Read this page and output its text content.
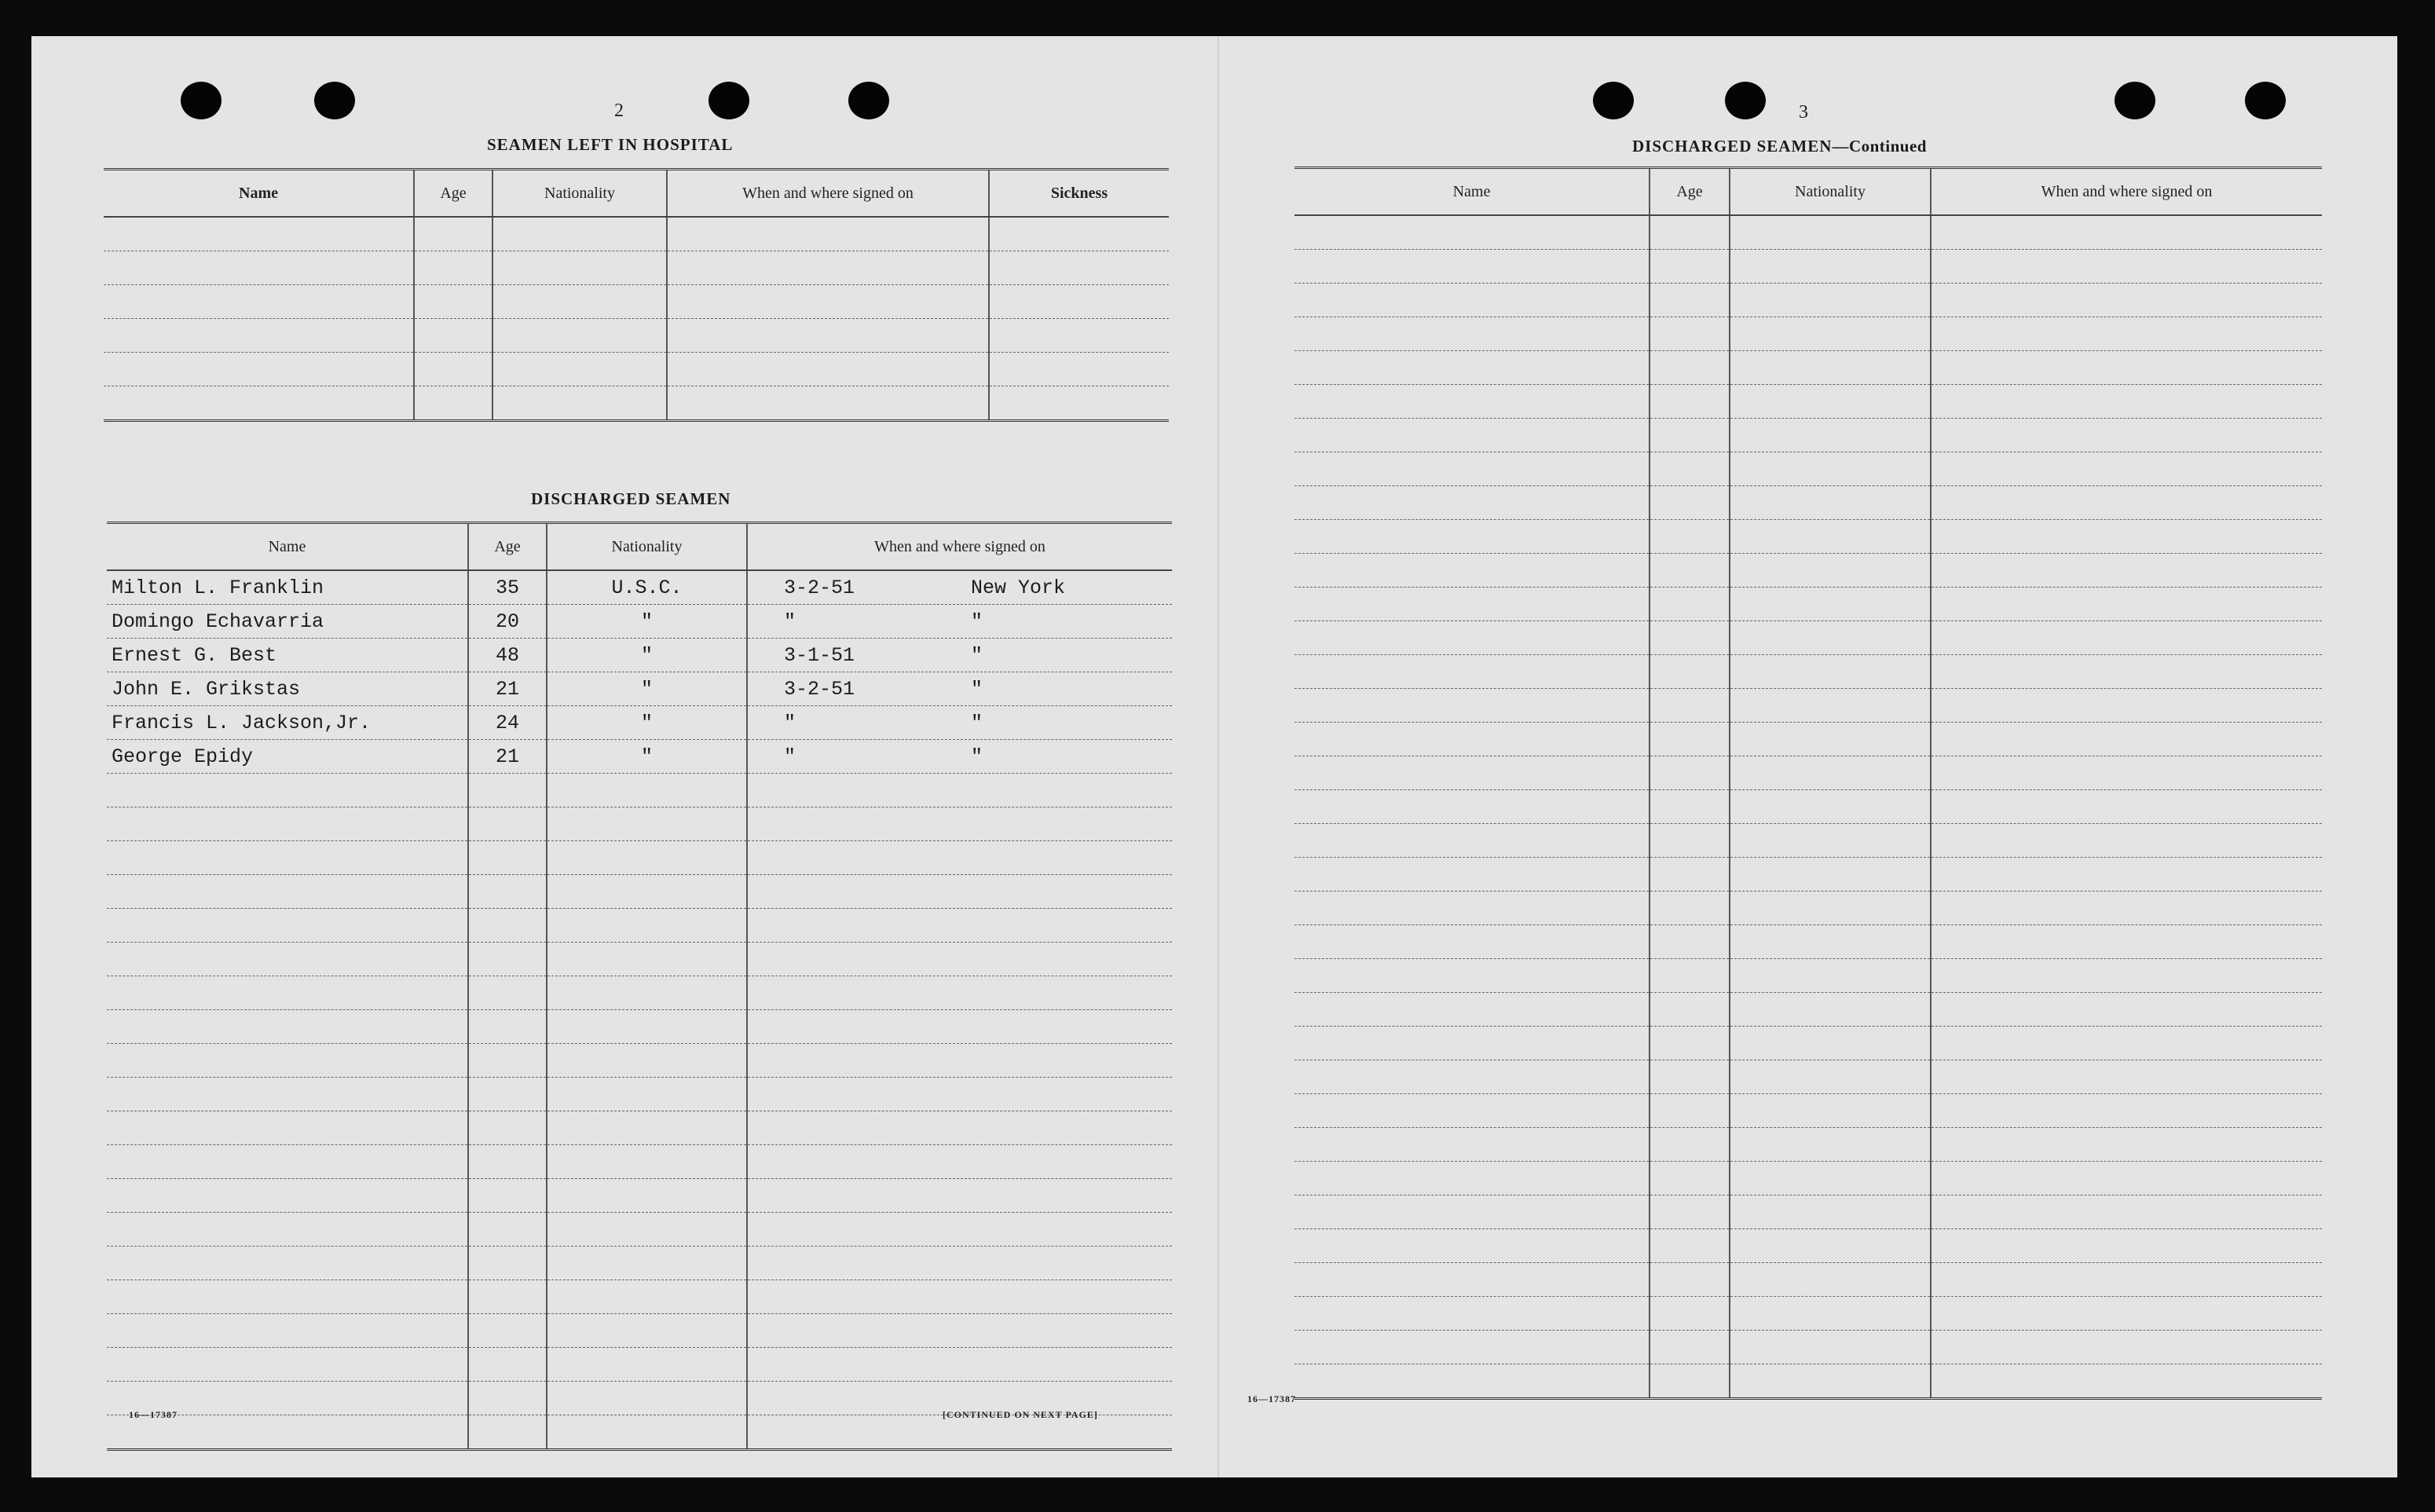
2
SEAMEN LEFT IN HOSPITAL
Name	Age	Nationality	When and where signed on	Sickness

DISCHARGED SEAMEN
Name	Age	Nationality	When and where signed on
Milton L. Franklin	35	U.S.C.	3-2-51 New York

Domingo Echavarria	20	"	" "

Ernest G. Best	48	"	3-1-51 "

John E. Grikstas	21	"	3-2-51 "

Francis L. Jackson,Jr.	24	"	" "

George Epidy	21	"	" "

16—17387	[CONTINUED ON NEXT PAGE]
3
DISCHARGED SEAMEN—Continued
Name	Age	Nationality	When and where signed on

16—17387
